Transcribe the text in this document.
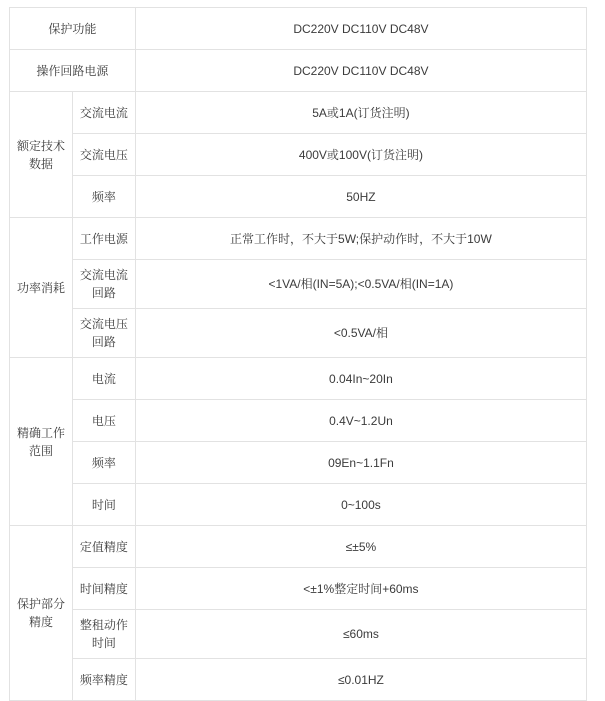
保护功能		DC220V DC110V DC48V
操作回路电源		DC220V DC110V DC48V
额定技术数据	交流电流	5A或1A(订货注明)
	交流电压	400V或100V(订货注明)
	频率	50HZ
功率消耗	工作电源	正常工作时，不大于5W;保护动作时，不大于10W
	交流电流回路	<1VA/相(IN=5A);<0.5VA/相(IN=1A)
	交流电压回路	<0.5VA/相
精确工作范围	电流	0.04In~20In
	电压	0.4V~1.2Un
	频率	09En~1.1Fn
	时间	0~100s
保护部分精度	定值精度	≤±5%
	时间精度	<±1%整定时间+60ms
	整租动作时间	≤60ms
	频率精度	≤0.01HZ
